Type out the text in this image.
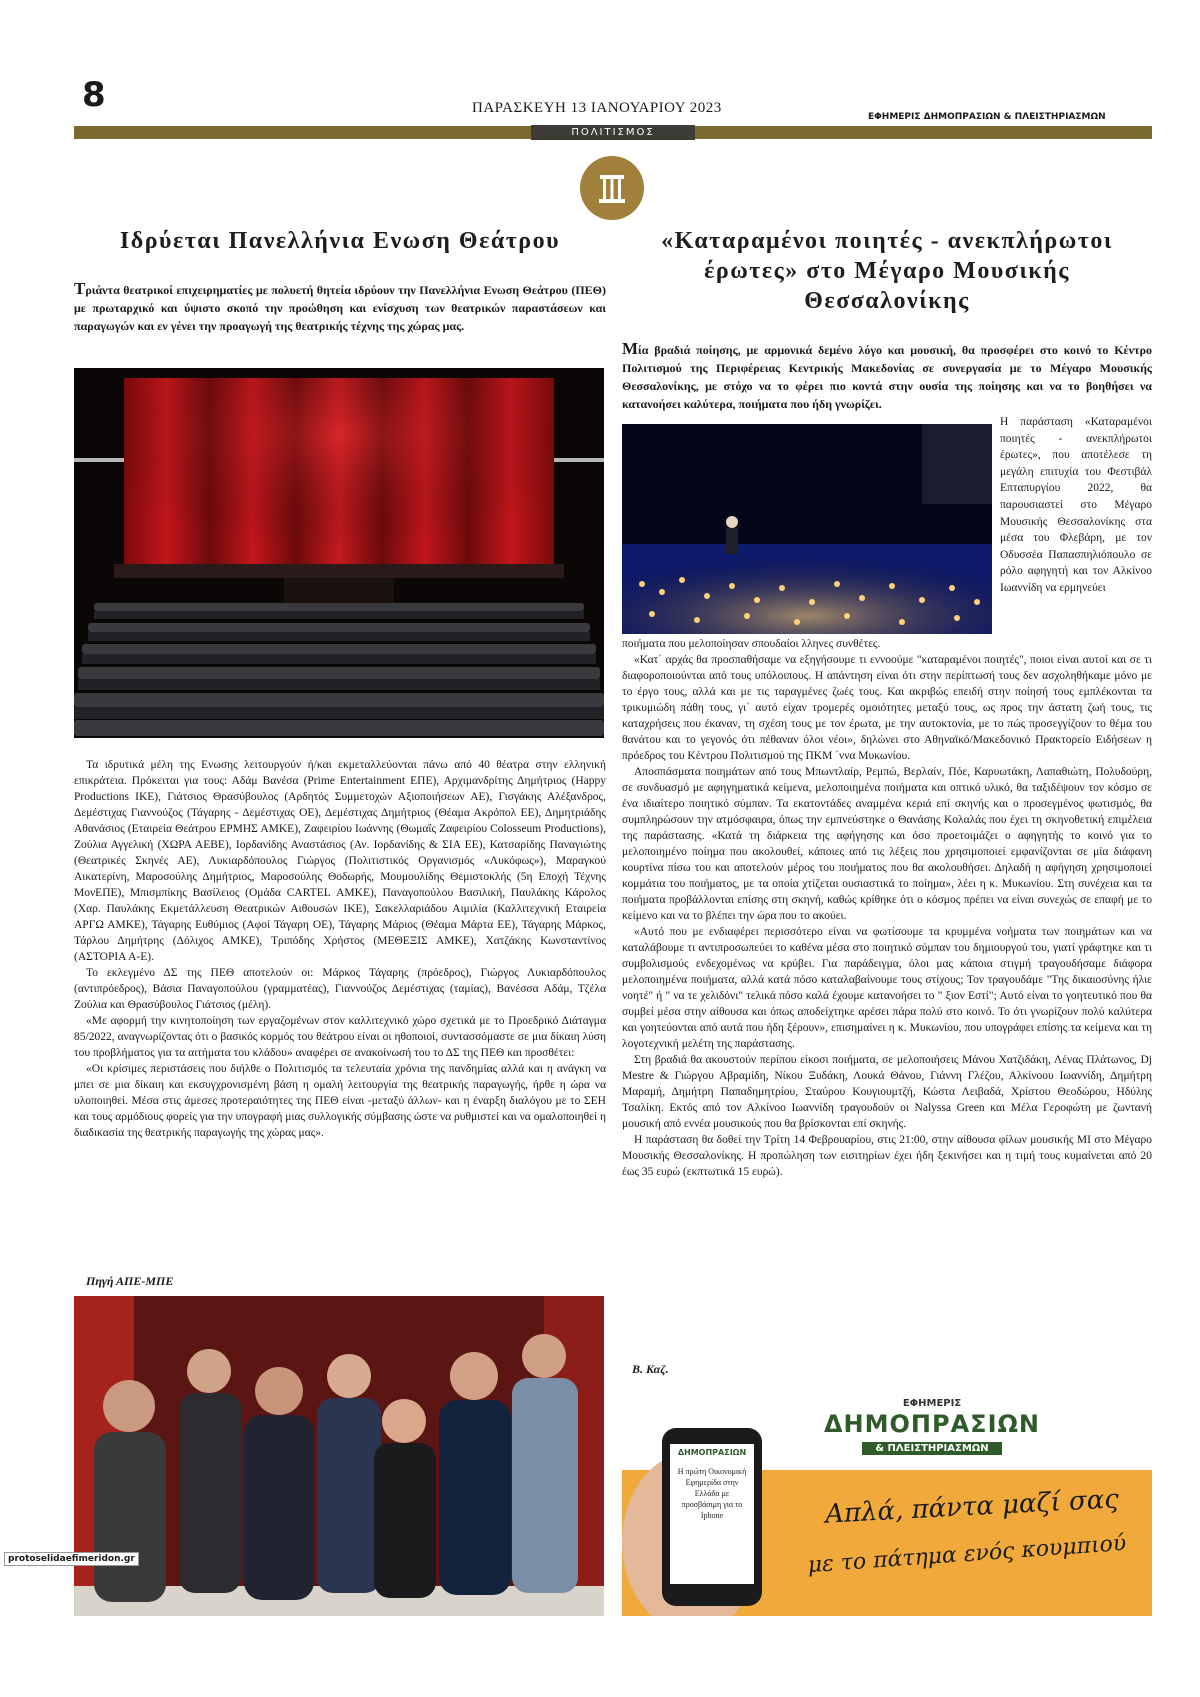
8	ΠΑΡΑΣΚΕΥΗ 13 ΙΑΝΟΥΑΡΙΟΥ 2023
ΕΦΗΜΕΡΙΣ ΔΗΜΟΠΡΑΣΙΩΝ & ΠΛΕΙΣΤΗΡΙΑΣΜΩΝ
ΠΟΛΙΤΙΣΜΟΣ
Ιδρύεται Πανελλήνια Ενωση Θεάτρου
Τριάντα θεατρικοί επιχειρηματίες με πολυετή θητεία ιδρύουν την Πανελλήνια Ενωση Θεάτρου (ΠΕΘ) με πρωταρχικό και ύψιστο σκοπό την προώθηση και ενίσχυση των θεατρικών παραστάσεων και παραγωγών και εν γένει την προαγωγή της θεατρικής τέχνης της χώρας μας.

Τα ιδρυτικά μέλη της Ενωσης λειτουργούν ή/και εκμεταλλεύονται πάνω από 40 θέατρα στην ελληνική επικράτεια. Πρόκειται για τους: Αδάμ Βανέσα (Prime Entertainment ΕΠΕ), Αρχιμανδρίτης Δημήτριος (Happy Productions IKE), Γιάτσιος Θρασύβουλος (Αρδητός Συμμετοχών Αξιοποιήσεων ΑΕ), Γισγάκης Αλέξανδρος, Δεμέστιχας Γιαννούζος (Τάγαρης - Δεμέστιχας ΟΕ), Δεμέστιχας Δημήτριος (Θέαμα Ακρόπολ ΕΕ), Δημητριάδης Αθανάσιος (Εταιρεία Θεάτρου ΕΡΜΗΣ ΑΜΚΕ), Ζαφειρίου Ιωάννης (Θωμαΐς Ζαφειρίου Colosseum Productions), Ζούλια Αγγελική (ΧΩΡΑ ΑΕΒΕ), Ιορδανίδης Αναστάσιος (Αν. Ιορδανίδης & ΣΙΑ ΕΕ), Κατσαρίδης Παναγιώτης (Θεατρικές Σκηνές ΑΕ), Λυκιαρδόπουλος Γιώργος (Πολιτιστικός Οργανισμός «Λυκόφως»), Μαραγκού Αικατερίνη, Μαροσούλης Δημήτριος, Μαροσούλης Θοδωρής, Μουμουλίδης Θεμιστοκλής (5η Εποχή Τέχνης ΜονΕΠΕ), Μπισμπίκης Βασίλειος (Ομάδα CARTEL ΑΜΚΕ), Παναγοπούλου Βασιλική, Παυλάκης Κάρολος (Χαρ. Παυλάκης Εκμετάλλευση Θεατρικών Αιθουσών ΙΚΕ), Σακελλαριάδου Αιμιλία (Καλλιτεχνική Εταιρεία ΑΡΓΩ ΑΜΚΕ), Τάγαρης Ευθύμιος (Αφοί Τάγαρη ΟΕ), Τάγαρης Μάριος (Θέαμα Μάρτα ΕΕ), Τάγαρης Μάρκος, Τάρλου Δημήτρης (Δόλιχος ΑΜΚΕ), Τριπόδης Χρήστος (ΜΕΘΕΞΙΣ ΑΜΚΕ), Χατζάκης Κωνσταντίνος (ΑΣΤΟΡΙΑ Α-Ε).

Το εκλεγμένο ΔΣ της ΠΕΘ αποτελούν οι: Μάρκος Τάγαρης (πρόεδρος), Γιώργος Λυκιαρδόπουλος (αντιπρόεδρος), Βάσια Παναγοπούλου (γραμματέας), Γιαννούζος Δεμέστιχας (ταμίας), Βανέσσα Αδάμ, Τζέλα Ζούλια και Θρασύβουλος Γιάτσιος (μέλη).

«Με αφορμή την κινητοποίηση των εργαζομένων στον καλλιτεχνικό χώρο σχετικά με το Προεδρικό Διάταγμα 85/2022, αναγνωρίζοντας ότι ο βασικός κορμός του θεάτρου είναι οι ηθοποιοί, συντασσόμαστε σε μια δίκαιη λύση του προβλήματος για τα αιτήματα του κλάδου» αναφέρει σε ανακοίνωσή του το ΔΣ της ΠΕΘ και προσθέτει:

«Οι κρίσιμες περιστάσεις που διήλθε ο Πολιτισμός τα τελευταία χρόνια της πανδημίας αλλά και η ανάγκη να μπει σε μια δίκαιη και εκσυγχρονισμένη βάση η ομαλή λειτουργία της θεατρικής παραγωγής, ήρθε η ώρα να υλοποιηθεί. Μέσα στις άμεσες προτεραιότητες της ΠΕΘ είναι -μεταξύ άλλων- και η έναρξη διαλόγου με το ΣΕΗ και τους αρμόδιους φορείς για την υπογραφή μιας συλλογικής σύμβασης ώστε να ρυθμιστεί και να ομαλοποιηθεί η διαδικασία της θεατρικής παραγωγής της χώρας μας».

Πηγή ΑΠΕ-ΜΠΕ
«Καταραμένοι ποιητές - ανεκπλήρωτοι έρωτες» στο Μέγαρο Μουσικής Θεσσαλονίκης
Μία βραδιά ποίησης, με αρμονικά δεμένο λόγο και μουσική, θα προσφέρει στο κοινό το Κέντρο Πολιτισμού της Περιφέρειας Κεντρικής Μακεδονίας σε συνεργασία με το Μέγαρο Μουσικής Θεσσαλονίκης, με στόχο να το φέρει πιο κοντά στην ουσία της ποίησης και να το βοηθήσει να κατανοήσει καλύτερα, ποιήματα που ήδη γνωρίζει.
Η παράσταση «Καταραμένοι ποιητές - ανεκπλήρωτοι έρωτες», που αποτέλεσε τη μεγάλη επιτυχία του Φεστιβάλ Επταπυργίου 2022, θα παρουσιαστεί στο Μέγαρο Μουσικής Θεσσαλονίκης στα μέσα του Φλεβάρη, με τον Οδυσσέα Παπασπηλιόπουλο σε ρόλο αφηγητή και τον Αλκίνοο Ιωαννίδη να ερμηνεύει

ποιήματα που μελοποίησαν σπουδαίοι λληνες συνθέτες.

«Κατ΄ αρχάς θα προσπαθήσαμε να εξηγήσουμε τι εννοούμε "καταραμένοι ποιητές", ποιοι είναι αυτοί και σε τι διαφοροποιούνται από τους υπόλοιπους. Η απάντηση είναι ότι στην περίπτωσή τους δεν ασχοληθήκαμε μόνο με το έργο τους, αλλά και με τις ταραγμένες ζωές τους. Και ακριβώς επειδή στην ποίησή τους εμπλέκονται τα τρικυμιώδη πάθη τους, γι΄ αυτό είχαν τρομερές ομοιότητες μεταξύ τους, ως προς την άστατη ζωή τους, τις καταχρήσεις που έκαναν, τη σχέση τους με τον έρωτα, με την αυτοκτονία, με το πώς προσεγγίζουν το θέμα του θανάτου και το γεγονός ότι πέθαναν όλοι νέοι», δηλώνει στο Αθηναϊκό/Μακεδονικό Πρακτορείο Ειδήσεων η πρόεδρος του Κέντρου Πολιτισμού της ΠΚΜ ΄ννα Μυκωνίου.

Αποσπάσματα ποιημάτων από τους Μπωντλαίρ, Ρεμπώ, Βερλαίν, Πόε, Καρυωτάκη, Λαπαθιώτη, Πολυδούρη, σε συνδυασμό με αφηγηματικά κείμενα, μελοποιημένα ποιήματα και οπτικό υλικό, θα ταξιδέψουν τον κόσμο σε ένα ιδιαίτερο ποιητικό σύμπαν. Τα εκατοντάδες αναμμένα κεριά επί σκηνής και ο προσεγμένος φωτισμός, θα συμπληρώσουν την ατμόσφαιρα, όπως την εμπνεύστηκε ο Θανάσης Κολαλάς που έχει τη σκηνοθετική επιμέλεια της παράστασης. «Κατά τη διάρκεια της αφήγησης και όσο προετοιμάζει ο αφηγητής το κοινό για το μελοποιημένο ποίημα που ακολουθεί, κάποιες από τις λέξεις που χρησιμοποιεί εμφανίζονται σε μία διάφανη κουρτίνα πίσω του και αποτελούν μέρος του ποιήματος που θα ακολουθήσει. Δηλαδή η αφήγηση χρησιμοποιεί κομμάτια του ποιήματος, με τα οποία χτίζεται ουσιαστικά το ποίημα», λέει η κ. Μυκωνίου. Στη συνέχεια και τα ποιήματα προβάλλονται επίσης στη σκηνή, καθώς κρίθηκε ότι ο κόσμος πρέπει να είναι συνεχώς σε επαφή με το κείμενο και να το βλέπει την ώρα που το ακούει.

«Αυτό που με ενδιαφέρει περισσότερο είναι να φωτίσουμε τα κρυμμένα νοήματα των ποιημάτων και να καταλάβουμε τι αντιπροσωπεύει το καθένα μέσα στο ποιητικό σύμπαν του δημιουργού του, γιατί γράφτηκε και τι συμβολισμούς ενδεχομένως να κρύβει. Για παράδειγμα, όλοι μας κάποια στιγμή τραγουδήσαμε διάφορα μελοποιημένα ποιήματα, αλλά κατά πόσο καταλαβαίνουμε τους στίχους; Τον τραγουδάμε "Της δικαιοσύνης ήλιε νοητέ" ή " να τε χελιδόνι" τελικά πόσο καλά έχουμε κατανοήσει το " ξιον Εστί"; Αυτό είναι το γοητευτικό που θα συμβεί μέσα στην αίθουσα και όπως αποδείχτηκε αρέσει πάρα πολύ στο κοινό. Το ότι γνωρίζουν πολύ καλύτερα και γοητεύονται από αυτά που ήδη ξέρουν», επισημαίνει η κ. Μυκωνίου, που υπογράφει επίσης τα κείμενα και τη λογοτεχνική μελέτη της παράστασης.

Στη βραδιά θα ακουστούν περίπου είκοσι ποιήματα, σε μελοποιήσεις Μάνου Χατζιδάκη, Λένας Πλάτωνος, Dj Mestre & Γιώργου Αβραμίδη, Νίκου Ξυδάκη, Λουκά Θάνου, Γιάννη Γλέζου, Αλκίνοου Ιωαννίδη, Δημήτρη Μαραμή, Δημήτρη Παπαδημητρίου, Σταύρου Κουγιουμτζή, Κώστα Λειβαδά, Χρίστου Θεοδώρου, Ηδύλης Τσαλίκη. Εκτός από τον Αλκίνοο Ιωαννίδη τραγουδούν οι Nalyssa Green και Μέλα Γεροφώτη με ζωντανή μουσική από εννέα μουσικούς που θα βρίσκονται επί σκηνής.

Η παράσταση θα δοθεί την Τρίτη 14 Φεβρουαρίου, στις 21:00, στην αίθουσα φίλων μουσικής ΜΙ στο Μέγαρο Μουσικής Θεσσαλονίκης. Η προπώληση των εισιτηρίων έχει ήδη ξεκινήσει και η τιμή τους κυμαίνεται από 20 έως 35 ευρώ (εκπτωτικά 15 ευρώ).

Β. Καζ.
ΔΗΜΟΠΡΑΣΙΩΝ
Η πρώτη Οικονομική Εφημερίδα στην Ελλάδα με προσβάσιμη για το Iphone
ΕΦΗΜΕΡΙΣ
ΔΗΜΟΠΡΑΣΙΩΝ
& ΠΛΕΙΣΤΗΡΙΑΣΜΩΝ
Απλά, πάντα μαζί σας
με το πάτημα ενός κουμπιού
protoselidaefimeridon.gr
